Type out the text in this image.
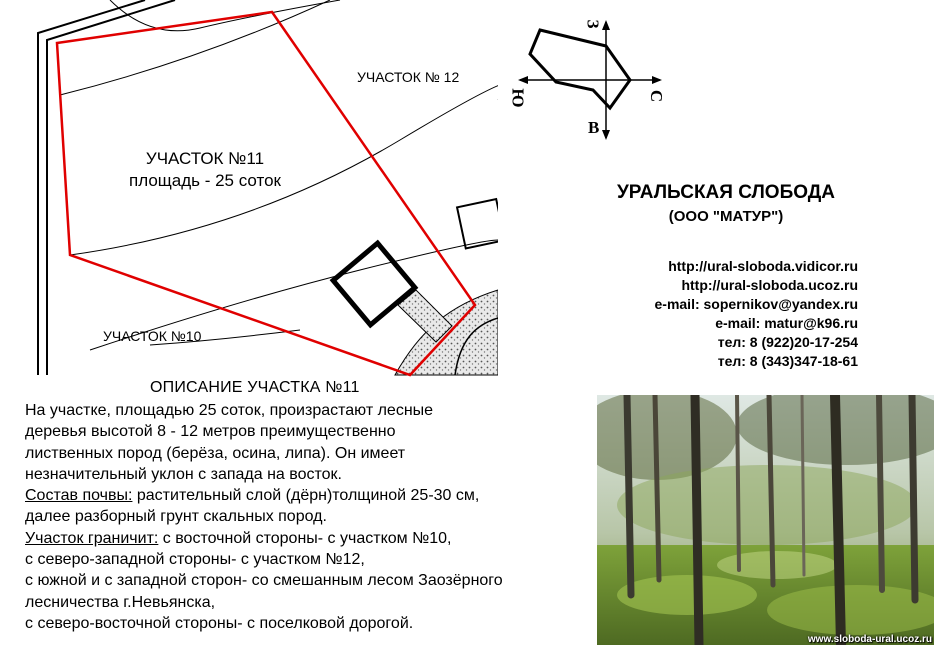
УЧАСТОК №11
площадь - 25 соток
УЧАСТОК № 12
УЧАСТОК №10
З
С
Ю
В
УРАЛЬСКАЯ СЛОБОДА
(ООО "МАТУР")
http://ural-sloboda.vidicor.ru
http://ural-sloboda.ucoz.ru
e-mail: sopernikov@yandex.ru
e-mail: matur@k96.ru
тел: 8 (922)20-17-254
тел: 8 (343)347-18-61
ОПИСАНИЕ УЧАСТКА №11
На участке, площадью 25 соток, произрастают лесные
деревья высотой 8 - 12 метров преимущественно
лиственных пород (берёза, осина, липа). Он имеет
незначительный уклон с запада на восток.
Состав почвы: растительный слой (дёрн)толщиной 25-30 см,
далее разборный грунт скальных пород.
Участок граничит: с восточной стороны- с участком №10,
с северо-западной стороны- с участком №12,
с южной и с западной сторон- со смешанным лесом Заозёрного
лесничества г.Невьянска,
с северо-восточной стороны- с поселковой дорогой.
www.sloboda-ural.ucoz.ru
